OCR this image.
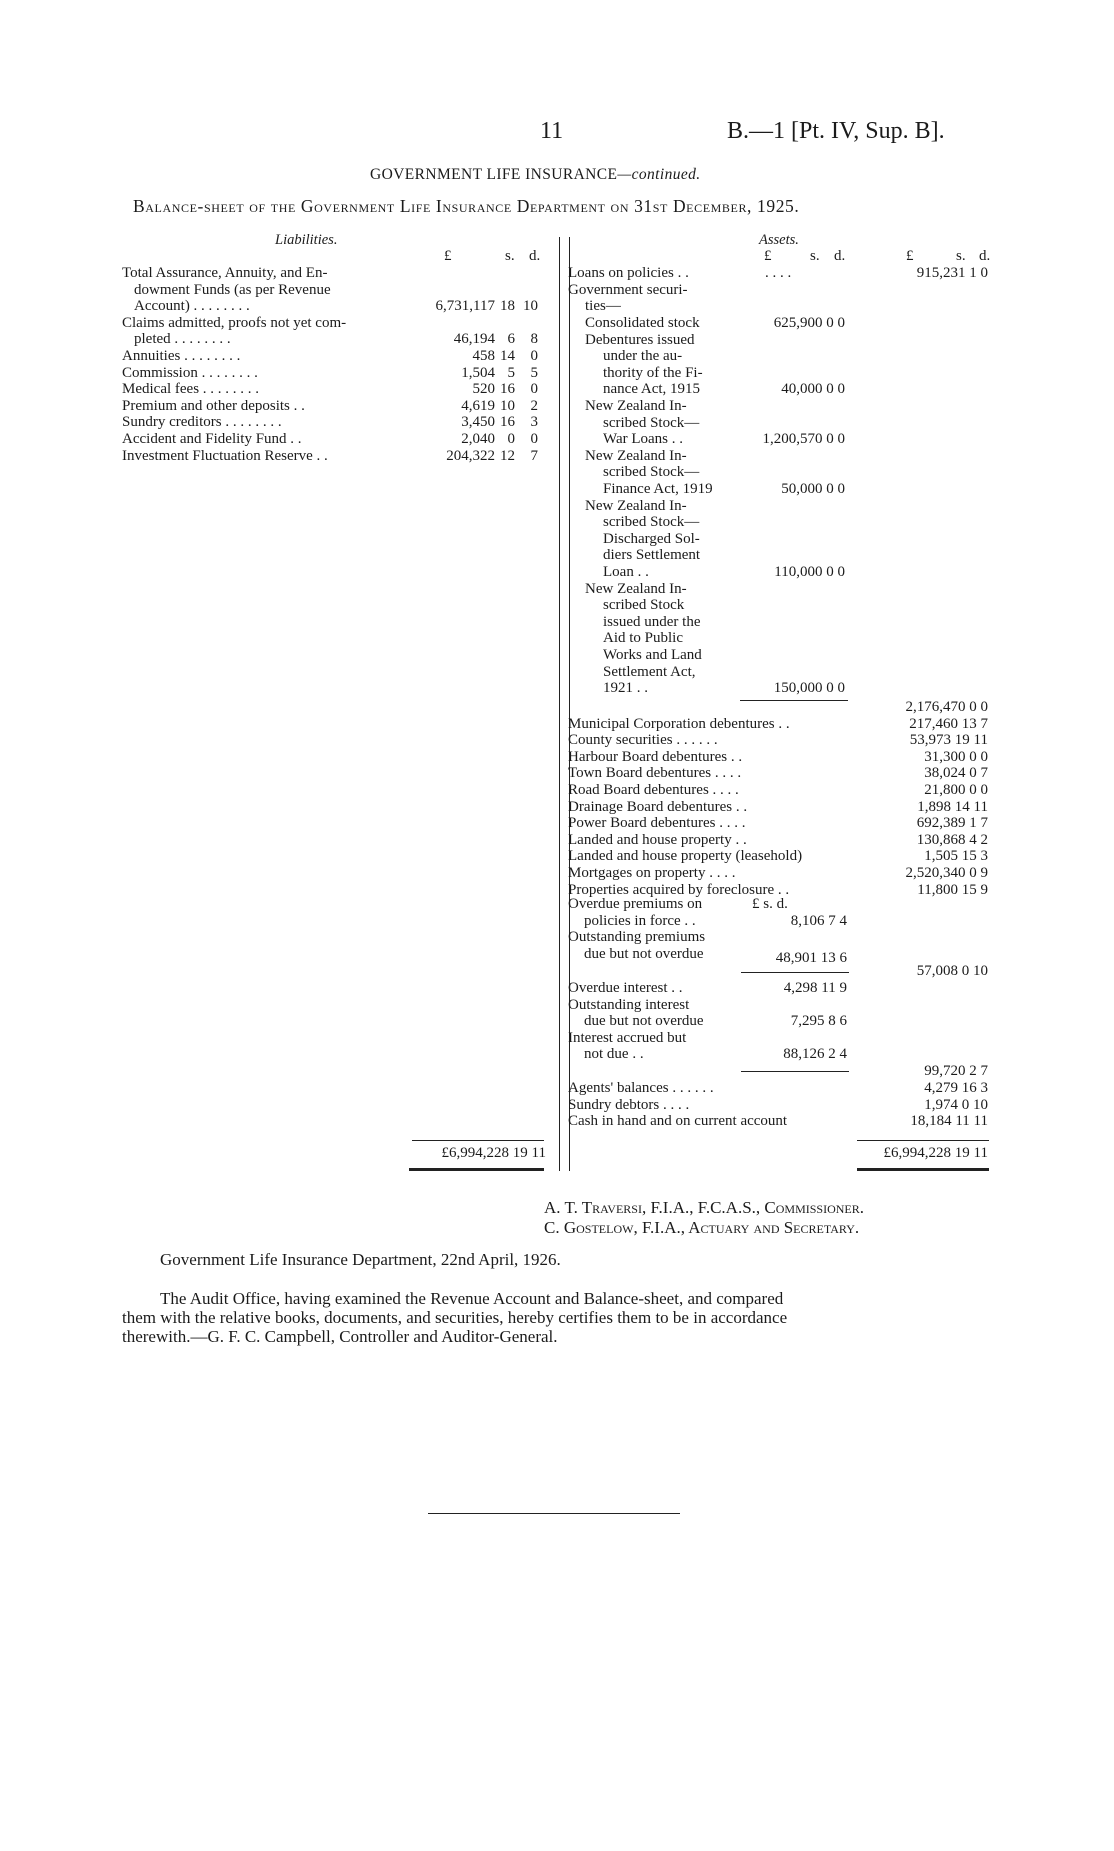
11	B.—1 [Pt. IV, Sup. B].
GOVERNMENT LIFE INSURANCE—continued.
Balance-sheet of the Government Life Insurance Department on 31st December, 1925.
Liabilities.
£	s. d.
Total Assurance, Annuity, and En-
dowment Funds (as per Revenue
Account) . . . . . . . .	6,731,117 18 10
Claims admitted, proofs not yet com-
pleted . . . . . . . .	46,194 6	8
Annuities . . . . . . . .	458 14	0
Commission . . . . . . . .	1,504 5	5
Medical fees . . . . . . . .	520 16	0
Premium and other deposits . .	4,619 10	2
Sundry creditors . . . . . . . .	3,450 16	3
Accident and Fidelity Fund . .	2,040 0	0
Investment Fluctuation Reserve . .	204,322 12	7
£6,994,228 19 11
Assets.
£	s. d.	£	s. d.
Loans on policies . .	. . . .	915,231 1 0
Government securi-
ties—
Consolidated stock	625,900 0 0
Debentures issued
under the au-
thority of the Fi-
nance Act, 1915	40,000 0 0
New Zealand In-
scribed Stock—
War Loans . .	1,200,570 0 0
New Zealand In-
scribed Stock—
Finance Act, 1919	50,000 0 0
New Zealand In-
scribed Stock—
Discharged Sol-
diers Settlement
Loan . .	110,000 0 0
New Zealand In-
scribed Stock
issued under the
Aid to Public
Works and Land
Settlement Act,
1921 . .	150,000 0 0
2,176,470 0 0
Municipal Corporation debentures . .	217,460 13 7
County securities . . . . . .	53,973 19 11
Harbour Board debentures . .	31,300 0 0
Town Board debentures . . . .	38,024 0 7
Road Board debentures . . . .	21,800 0 0
Drainage Board debentures . .	1,898 14 11
Power Board debentures . . . .	692,389 1 7
Landed and house property . .	130,868 4 2
Landed and house property (leasehold)	1,505 15 3
Mortgages on property . . . .	2,520,340 0 9
Properties acquired by foreclosure . .	11,800 15 9
£ s. d.
Overdue premiums on
policies in force . .	8,106 7 4
Outstanding premiums
due but not overdue	48,901 13 6
57,008 0 10
Overdue interest . .	4,298 11 9
Outstanding interest
due but not overdue	7,295 8 6
Interest accrued but
not due . .	88,126 2 4
99,720 2 7
Agents' balances . . . . . .	4,279 16 3
Sundry debtors . . . .	1,974 0 10
Cash in hand and on current account	18,184 11 11
£6,994,228 19 11
A. T. Traversi, F.I.A., F.C.A.S., Commissioner.
C. Gostelow, F.I.A., Actuary and Secretary.
Government Life Insurance Department, 22nd April, 1926.
The Audit Office, having examined the Revenue Account and Balance-sheet, and compared
them with the relative books, documents, and securities, hereby certifies them to be in accordance
therewith.—G. F. C. Campbell, Controller and Auditor-General.
